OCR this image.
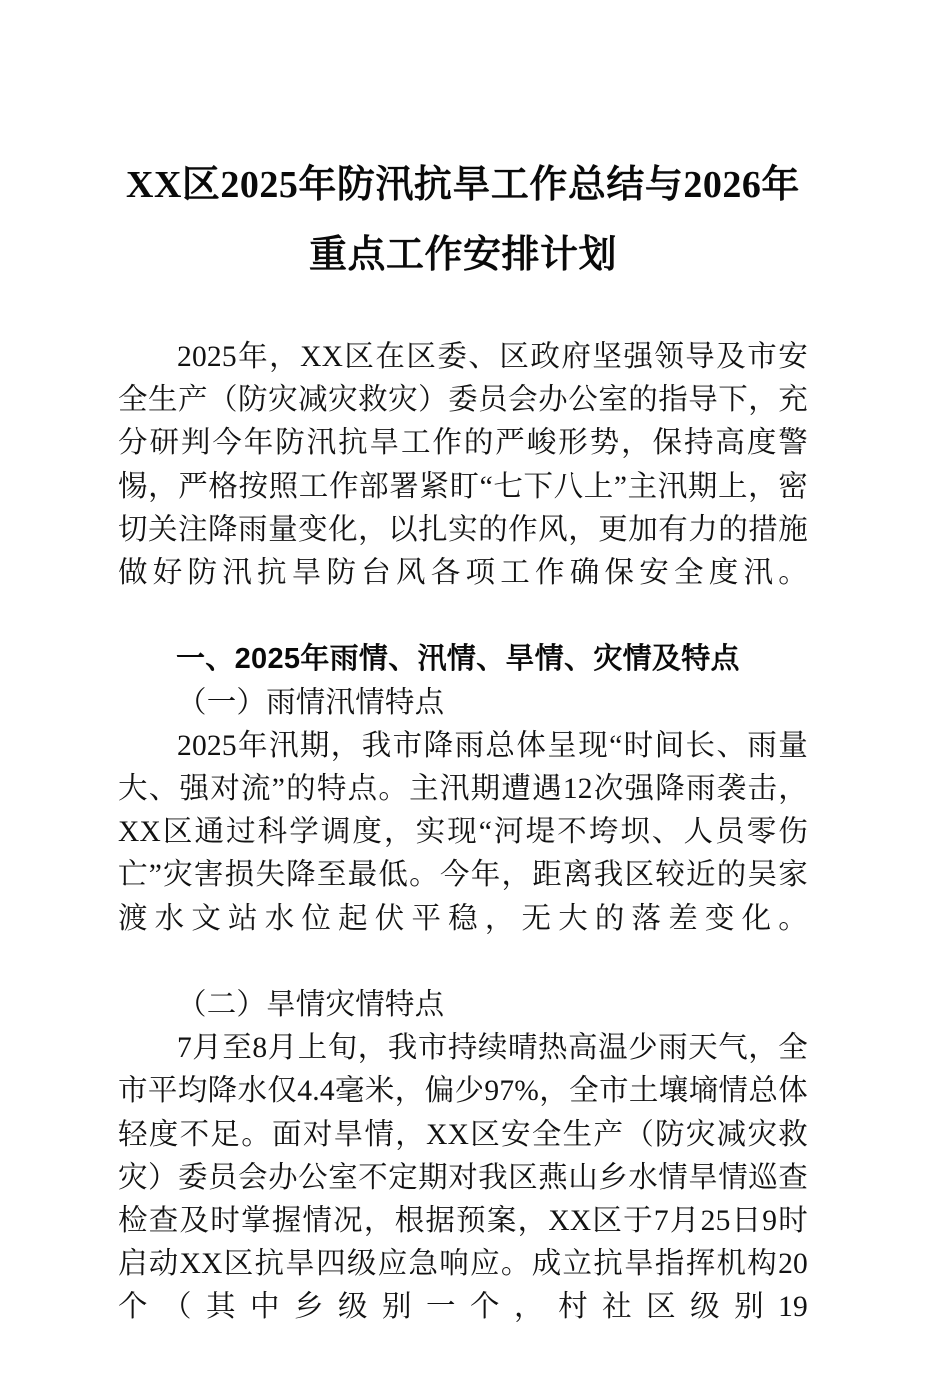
XX区2025年防汛抗旱工作总结与2026年
重点工作安排计划

2025年，XX区在区委、区政府坚强领导及市安全生产（防灾减灾救灾）委员会办公室的指导下，充分研判今年防汛抗旱工作的严峻形势，保持高度警惕，严格按照工作部署紧盯“七下八上”主汛期上，密切关注降雨量变化，以扎实的作风，更加有力的措施做好防汛抗旱防台风各项工作确保安全度汛。

一、2025年雨情、汛情、旱情、灾情及特点

（一）雨情汛情特点

2025年汛期，我市降雨总体呈现“时间长、雨量大、强对流”的特点。主汛期遭遇12次强降雨袭击，XX区通过科学调度，实现“河堤不垮坝、人员零伤亡”灾害损失降至最低。今年，距离我区较近的吴家渡水文站水位起伏平稳，无大的落差变化。

（二）旱情灾情特点

7月至8月上旬，我市持续晴热高温少雨天气，全市平均降水仅4.4毫米，偏少97%，全市土壤墒情总体轻度不足。面对旱情，XX区安全生产（防灾减灾救灾）委员会办公室不定期对我区燕山乡水情旱情巡查检查及时掌握情况，根据预案，XX区于7月25日9时启动XX区抗旱四级应急响应。成立抗旱指挥机构20个（其中乡级别一个，村社区级别19
